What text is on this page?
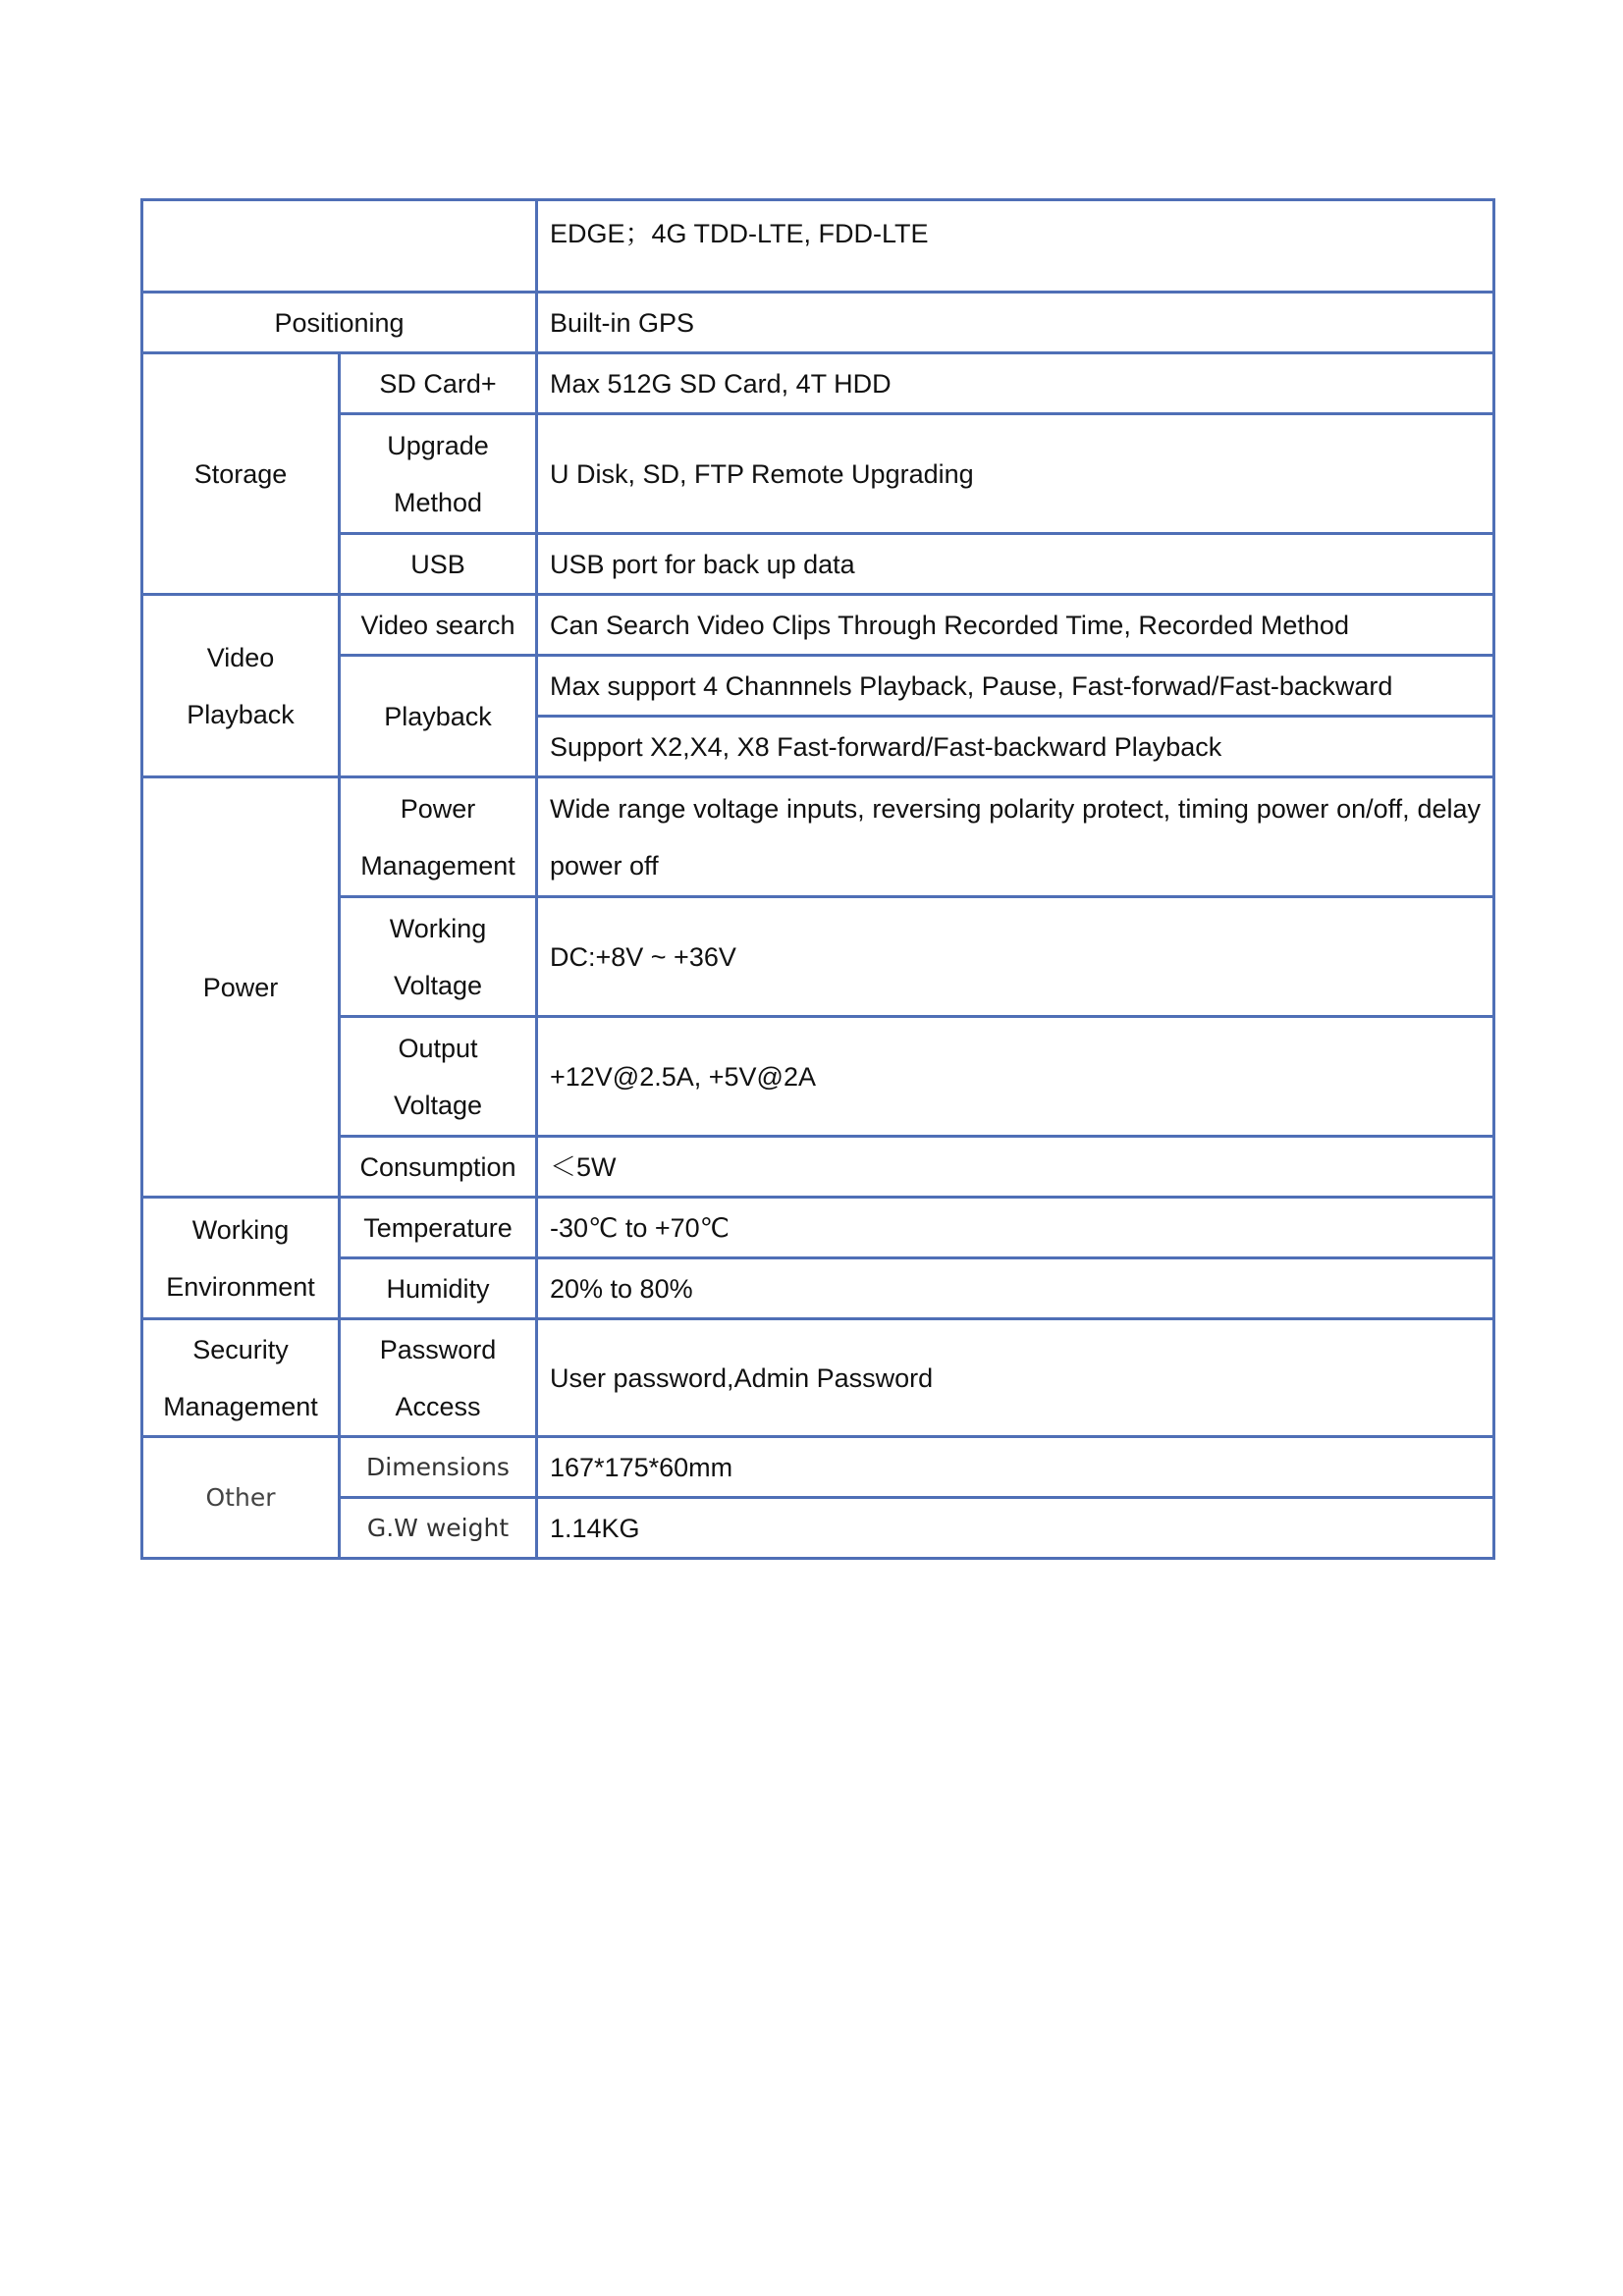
		EDGE；4G TDD-LTE, FDD-LTE
Positioning		Built-in GPS
Storage	SD Card+	Max 512G SD Card, 4T HDD
	Upgrade Method	U Disk, SD, FTP Remote Upgrading
	USB	USB port for back up data
Video Playback	Video search	Can Search Video Clips Through Recorded Time, Recorded Method
	Playback	Max support 4 Channnels Playback, Pause, Fast-forwad/Fast-backward
		Support X2,X4, X8 Fast-forward/Fast-backward Playback
Power	Power Management	Wide range voltage inputs, reversing polarity protect, timing power on/off, delay power off
	Working Voltage	DC:+8V ~ +36V
	Output Voltage	+12V@2.5A, +5V@2A
	Consumption	＜5W
Working Environment	Temperature	-30℃ to +70℃
	Humidity	20% to 80%
Security Management	Password Access	User password,Admin Password
Other	Dimensions	167*175*60mm
	G.W weight	1.14KG
